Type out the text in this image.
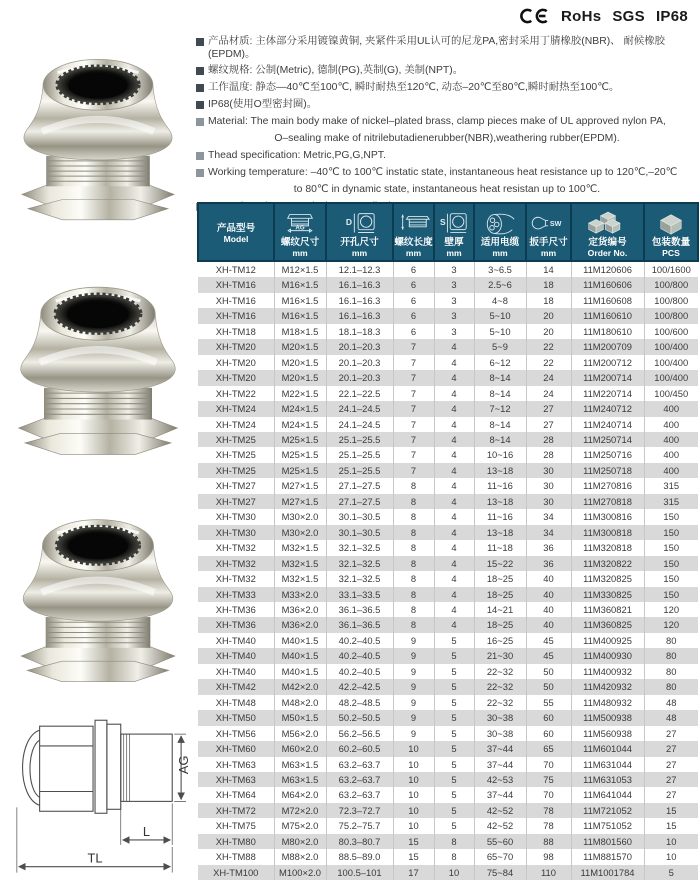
RoHs SGS IP68
AG
L
TL
产品材质: 主体部分采用镀镍黄铜, 夹紧件采用UL认可的尼龙PA,密封采用丁腈橡胶(NBR)、 耐候橡胶(EPDM)。
螺纹规格: 公制(Metric), 德制(PG),英制(G), 美制(NPT)。
工作温度: 静态—40℃至100℃, 瞬时耐热至120℃, 动态–20℃至80℃,瞬时耐热至100℃。
IP68(使用O型密封圈)。
Material: The main body make of nickel–plated brass, clamp pieces make of UL approved nylon PA,
O–sealing make of nitrilebutadienerubber(NBR),weathering rubber(EPDM).
Thead specification: Metric,PG,G,NPT.
Working temperature: –40℃ to 100℃ instatic state, instantaneous heat resistance up to 120℃,–20℃
to 80℃ in dynamic state, instantaneous heat resistan up to 100℃.
产品型号
Model

AG
螺纹尺寸
mm

D
开孔尺寸
mm

螺纹长度
mm

S
壁厚
mm

适用电缆
mm

SW
扳手尺寸
mm

定货编号
Order No.

包装数量
PCS

XH-TM12	M12×1.5	12.1–12.3	6	3	3~6.5	14	11M120606	100/1600
XH-TM16	M16×1.5	16.1–16.3	6	3	2.5~6	18	11M160606	100/800
XH-TM16	M16×1.5	16.1–16.3	6	3	4~8	18	11M160608	100/800
XH-TM16	M16×1.5	16.1–16.3	6	3	5~10	20	11M160610	100/800
XH-TM18	M18×1.5	18.1–18.3	6	3	5~10	20	11M180610	100/600
XH-TM20	M20×1.5	20.1–20.3	7	4	5~9	22	11M200709	100/400
XH-TM20	M20×1.5	20.1–20.3	7	4	6~12	22	11M200712	100/400
XH-TM20	M20×1.5	20.1–20.3	7	4	8~14	24	11M200714	100/400
XH-TM22	M22×1.5	22.1–22.5	7	4	8~14	24	11M220714	100/450
XH-TM24	M24×1.5	24.1–24.5	7	4	7~12	27	11M240712	400
XH-TM24	M24×1.5	24.1–24.5	7	4	8~14	27	11M240714	400
XH-TM25	M25×1.5	25.1–25.5	7	4	8~14	28	11M250714	400
XH-TM25	M25×1.5	25.1–25.5	7	4	10~16	28	11M250716	400
XH-TM25	M25×1.5	25.1–25.5	7	4	13~18	30	11M250718	400
XH-TM27	M27×1.5	27.1–27.5	8	4	11~16	30	11M270816	315
XH-TM27	M27×1.5	27.1–27.5	8	4	13~18	30	11M270818	315
XH-TM30	M30×2.0	30.1–30.5	8	4	11~16	34	11M300816	150
XH-TM30	M30×2.0	30.1–30.5	8	4	13~18	34	11M300818	150
XH-TM32	M32×1.5	32.1–32.5	8	4	11~18	36	11M320818	150
XH-TM32	M32×1.5	32.1–32.5	8	4	15~22	36	11M320822	150
XH-TM32	M32×1.5	32.1–32.5	8	4	18~25	40	11M320825	150
XH-TM33	M33×2.0	33.1–33.5	8	4	18~25	40	11M330825	150
XH-TM36	M36×2.0	36.1–36.5	8	4	14~21	40	11M360821	120
XH-TM36	M36×2.0	36.1–36.5	8	4	18~25	40	11M360825	120
XH-TM40	M40×1.5	40.2–40.5	9	5	16~25	45	11M400925	80
XH-TM40	M40×1.5	40.2–40.5	9	5	21~30	45	11M400930	80
XH-TM40	M40×1.5	40.2–40.5	9	5	22~32	50	11M400932	80
XH-TM42	M42×2.0	42.2–42.5	9	5	22~32	50	11M420932	80
XH-TM48	M48×2.0	48.2–48.5	9	5	22~32	55	11M480932	48
XH-TM50	M50×1.5	50.2–50.5	9	5	30~38	60	11M500938	48
XH-TM56	M56×2.0	56.2–56.5	9	5	30~38	60	11M560938	27
XH-TM60	M60×2.0	60.2–60.5	10	5	37~44	65	11M601044	27
XH-TM63	M63×1.5	63.2–63.7	10	5	37~44	70	11M631044	27
XH-TM63	M63×1.5	63.2–63.7	10	5	42~53	75	11M631053	27
XH-TM64	M64×2.0	63.2–63.7	10	5	37~44	70	11M641044	27
XH-TM72	M72×2.0	72.3–72.7	10	5	42~52	78	11M721052	15
XH-TM75	M75×2.0	75.2–75.7	10	5	42~52	78	11M751052	15
XH-TM80	M80×2.0	80.3–80.7	15	8	55~60	88	11M801560	10
XH-TM88	M88×2.0	88.5–89.0	15	8	65~70	98	11M881570	10
XH-TM100	M100×2.0	100.5–101	17	10	75~84	110	11M1001784	5
